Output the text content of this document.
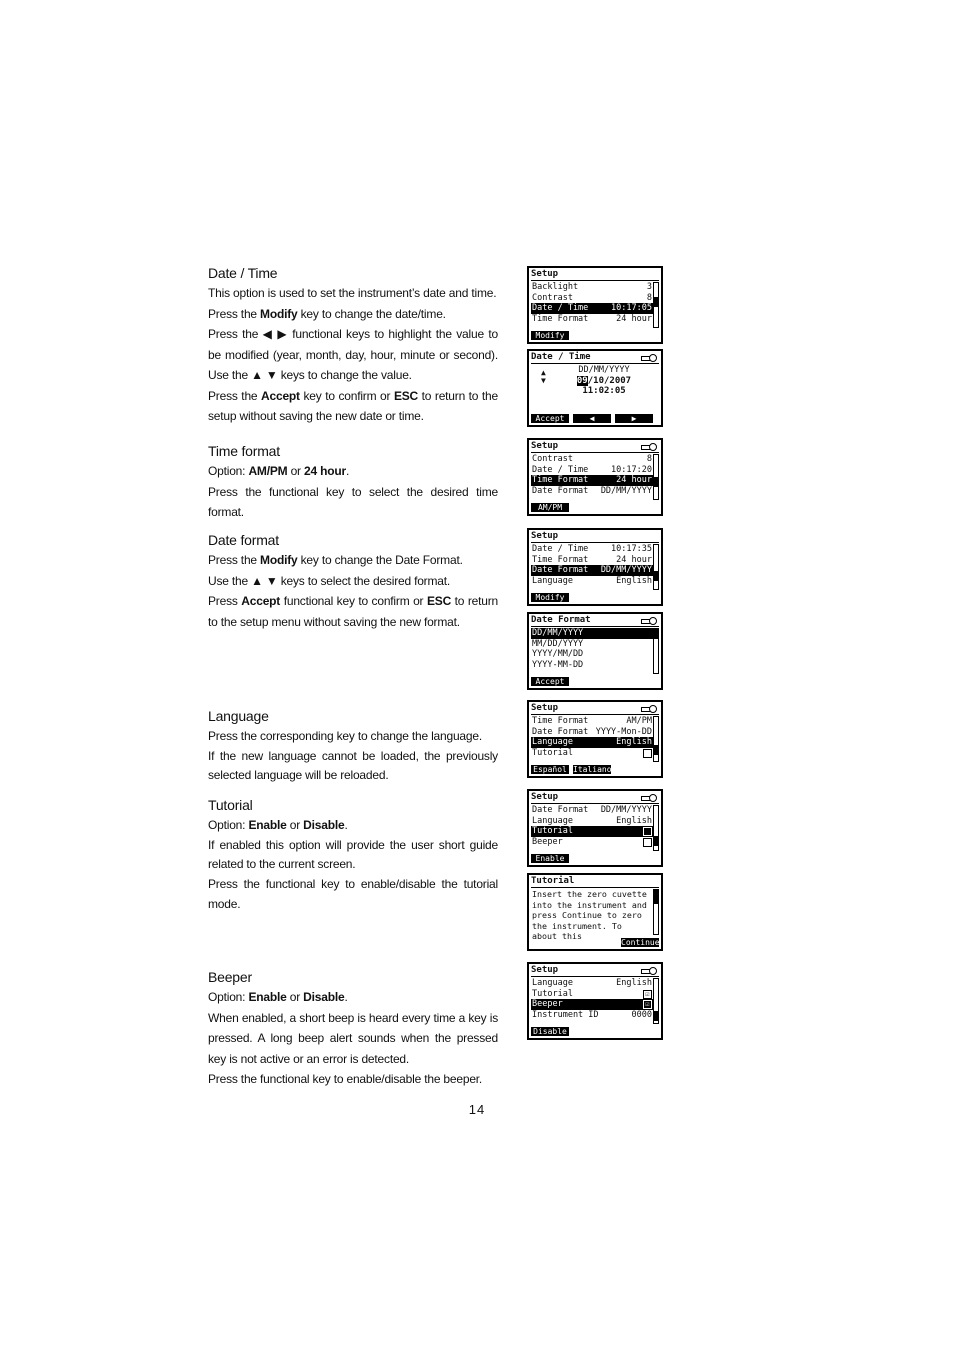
Date / Time

This option is used to set the instrument’s date and time.

Press the Modify key to change the date/time.

Press the ◀ ▶ functional keys to highlight the value to be modified (year, month, day, hour, minute or second). Use the ▲ ▼ keys to change the value.

Press the Accept key to confirm or ESC to return to the setup without saving the new date or time.

Time format

Option: AM/PM or 24 hour.

Press the functional key to select the desired time format.

Date format

Press the Modify key to change the Date Format.

Use the ▲ ▼ keys to select the desired format.

Press Accept functional key to confirm or ESC to return to the setup menu without saving the new format.

Language

Press the corresponding key to change the language.

If the new language cannot be loaded, the previously selected language will be reloaded.

Tutorial

Option: Enable or Disable.

If enabled this option will provide the user short guide related to the current screen.

Press the functional key to enable/disable the tutorial mode.

Beeper

Option: Enable or Disable.

When enabled, a short beep is heard every time a key is pressed. A long beep alert sounds when the pressed key is not active or an error is detected.

Press the functional key to enable/disable the beeper.

Setup
Backlight	3
Contrast	8
Date / Time	10:17:05
Time Format	24 hour
Modify
Date / Time
▲
▼
DD/MM/YYYY
09/10/2007
11:02:05
Accept	◀	▶
Setup
Contrast	8
Date / Time	10:17:20
Time Format	24 hour
Date Format DD/MM/YYYY
AM/PM
Setup
Date / Time	10:17:35
Time Format	24 hour
Date Format DD/MM/YYYY
Language	English
Modify
Date Format
DD/MM/YYYY
MM/DD/YYYY
YYYY/MM/DD
YYYY-MM-DD
Accept
Setup
Time Format	AM/PM
Date Format YYYY-Mon-DD
Language	English
Tutorial
Español Italiano
Setup
Date Format DD/MM/YYYY
Language	English
Tutorial
Beeper
Enable
Tutorial
Insert the zero cuvette into the instrument and press Continue to zero the instrument. To about this
Continue
Setup
Language	English
Tutorial	☑
Beeper	☑
Instrument ID	0000
Disable
14
